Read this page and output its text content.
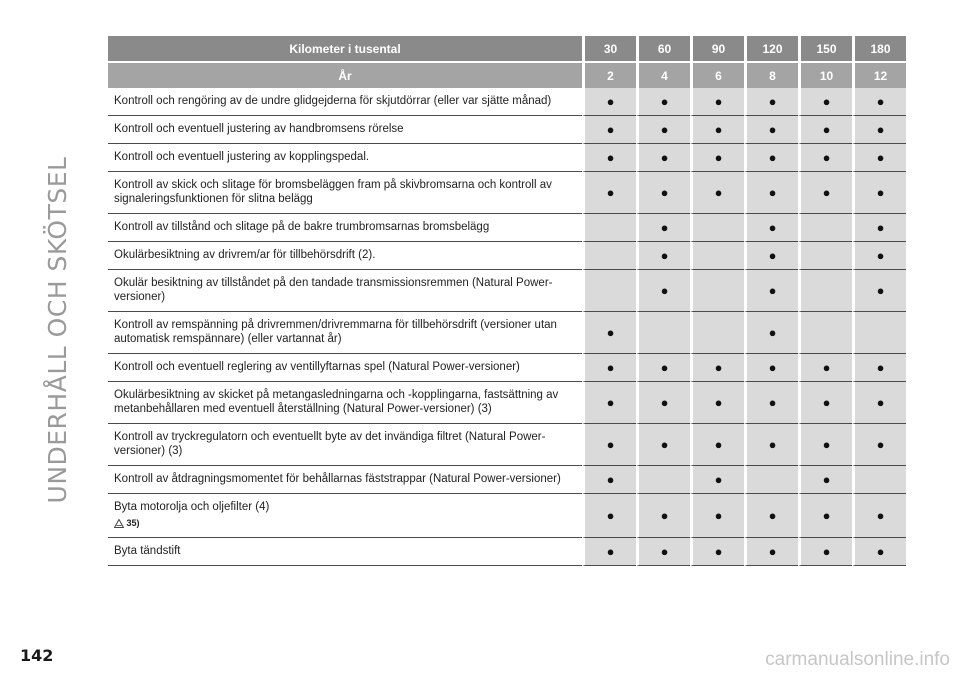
UNDERHÅLL OCH SKÖTSEL
Kilometer i tusental	30	60	90	120	150	180
År	2	4	6	8	10	12
Kontroll och rengöring av de undre glidgejderna för skjutdörrar (eller var sjätte månad)	●	●	●	●	●	●
Kontroll och eventuell justering av handbromsens rörelse	●	●	●	●	●	●
Kontroll och eventuell justering av kopplingspedal.	●	●	●	●	●	●
Kontroll av skick och slitage för bromsbeläggen fram på skivbromsarna och kontroll av signaleringsfunktionen för slitna belägg	●	●	●	●	●	●
Kontroll av tillstånd och slitage på de bakre trumbromsarnas bromsbelägg		●		●		●
Okulärbesiktning av drivrem/ar för tillbehörsdrift (2).		●		●		●
Okulär besiktning av tillståndet på den tandade transmissionsremmen (Natural Power-versioner)		●		●		●
Kontroll av remspänning på drivremmen/drivremmarna för tillbehörsdrift (versioner utan automatisk remspännare) (eller vartannat år)	●			●		
Kontroll och eventuell reglering av ventillyftarnas spel (Natural Power-versioner)	●	●	●	●	●	●
Okulärbesiktning av skicket på metangasledningarna och -kopplingarna, fastsättning av metanbehållaren med eventuell återställning (Natural Power-versioner) (3)	●	●	●	●	●	●
Kontroll av tryckregulatorn och eventuellt byte av det invändiga filtret (Natural Power-versioner) (3)	●	●	●	●	●	●
Kontroll av åtdragningsmomentet för behållarnas fäststrappar (Natural Power-versioner)	●		●		●	
Byta motorolja och oljefilter (4)
35)	●	●	●	●	●	●
Byta tändstift	●	●	●	●	●	●
142	carmanualsonline.info
